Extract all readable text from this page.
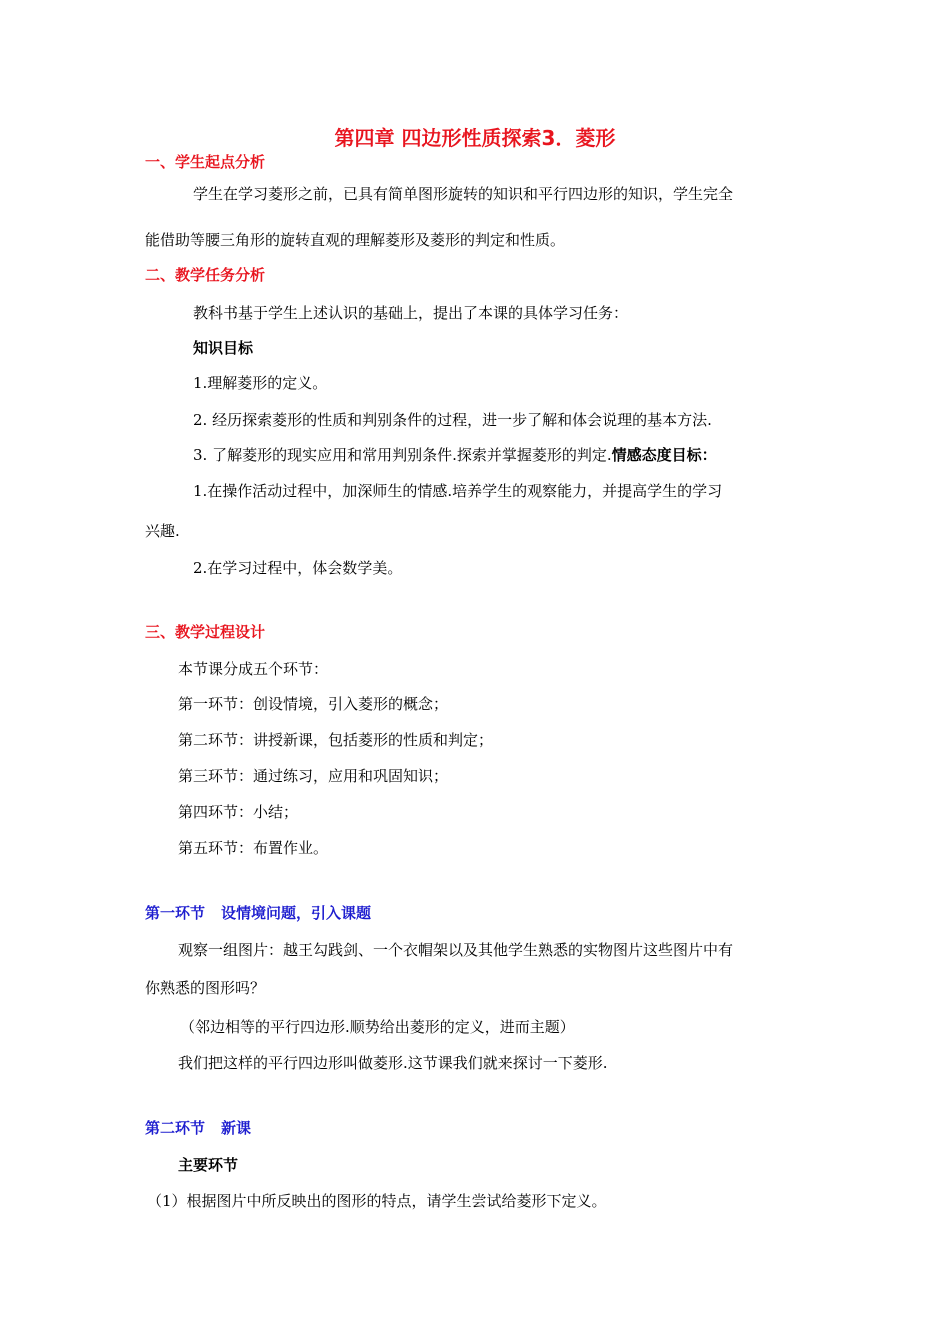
第四章 四边形性质探索3．菱形
一、学生起点分析
学生在学习菱形之前，已具有简单图形旋转的知识和平行四边形的知识，学生完全
能借助等腰三角形的旋转直观的理解菱形及菱形的判定和性质。
二、教学任务分析
教科书基于学生上述认识的基础上，提出了本课的具体学习任务：
知识目标
1.理解菱形的定义。
2. 经历探索菱形的性质和判别条件的过程，进一步了解和体会说理的基本方法.
3. 了解菱形的现实应用和常用判别条件.探索并掌握菱形的判定.情感态度目标：
1.在操作活动过程中，加深师生的情感.培养学生的观察能力，并提高学生的学习
兴趣.
2.在学习过程中，体会数学美。
三、教学过程设计
本节课分成五个环节：
第一环节：创设情境，引入菱形的概念；
第二环节：讲授新课，包括菱形的性质和判定；
第三环节：通过练习，应用和巩固知识；
第四环节：小结；
第五环节：布置作业。
第一环节 设情境问题，引入课题
观察一组图片：越王勾践剑、一个衣帽架以及其他学生熟悉的实物图片这些图片中有
你熟悉的图形吗？
（邻边相等的平行四边形.顺势给出菱形的定义，进而主题）
我们把这样的平行四边形叫做菱形.这节课我们就来探讨一下菱形.
第二环节 新课
主要环节
（1）根据图片中所反映出的图形的特点，请学生尝试给菱形下定义。
